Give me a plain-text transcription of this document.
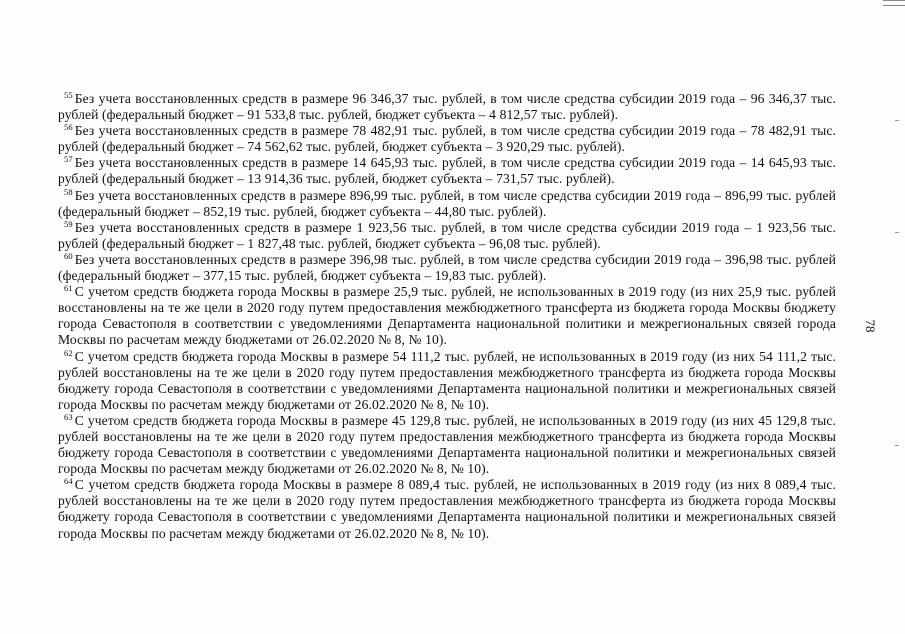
$^{55}$ Без учета восстановленных средств в размере 96 346,37 тыс. рублей, в том числе средства субсидии 2019 года – 96 346,37 тыс. рублей (федеральный бюджет – 91 533,8 тыс. рублей, бюджет субъекта – 4 812,57 тыс. рублей).

$^{56}$ Без учета восстановленных средств в размере 78 482,91 тыс. рублей, в том числе средства субсидии 2019 года – 78 482,91 тыс. рублей (федеральный бюджет – 74 562,62 тыс. рублей, бюджет субъекта – 3 920,29 тыс. рублей).

$^{57}$ Без учета восстановленных средств в размере 14 645,93 тыс. рублей, в том числе средства субсидии 2019 года – 14 645,93 тыс. рублей (федеральный бюджет – 13 914,36 тыс. рублей, бюджет субъекта – 731,57 тыс. рублей).

$^{58}$ Без учета восстановленных средств в размере 896,99 тыс. рублей, в том числе средства субсидии 2019 года – 896,99 тыс. рублей (федеральный бюджет – 852,19 тыс. рублей, бюджет субъекта – 44,80 тыс. рублей).

$^{59}$ Без учета восстановленных средств в размере 1 923,56 тыс. рублей, в том числе средства субсидии 2019 года – 1 923,56 тыс. рублей (федеральный бюджет – 1 827,48 тыс. рублей, бюджет субъекта – 96,08 тыс. рублей).

$^{60}$ Без учета восстановленных средств в размере 396,98 тыс. рублей, в том числе средства субсидии 2019 года – 396,98 тыс. рублей (федеральный бюджет – 377,15 тыс. рублей, бюджет субъекта – 19,83 тыс. рублей).

$^{61}$ С учетом средств бюджета города Москвы в размере 25,9 тыс. рублей, не использованных в 2019 году (из них 25,9 тыс. рублей восстановлены на те же цели в 2020 году путем предоставления межбюджетного трансферта из бюджета города Москвы бюджету города Севастополя в соответствии с уведомлениями Департамента национальной политики и межрегиональных связей города Москвы по расчетам между бюджетами от 26.02.2020 № 8, № 10).

$^{62}$ С учетом средств бюджета города Москвы в размере 54 111,2 тыс. рублей, не использованных в 2019 году (из них 54 111,2 тыс. рублей восстановлены на те же цели в 2020 году путем предоставления межбюджетного трансферта из бюджета города Москвы бюджету города Севастополя в соответствии с уведомлениями Департамента национальной политики и межрегиональных связей города Москвы по расчетам между бюджетами от 26.02.2020 № 8, № 10).

$^{63}$ С учетом средств бюджета города Москвы в размере 45 129,8 тыс. рублей, не использованных в 2019 году (из них 45 129,8 тыс. рублей восстановлены на те же цели в 2020 году путем предоставления межбюджетного трансферта из бюджета города Москвы бюджету города Севастополя в соответствии с уведомлениями Департамента национальной политики и межрегиональных связей города Москвы по расчетам между бюджетами от 26.02.2020 № 8, № 10).

$^{64}$ С учетом средств бюджета города Москвы в размере 8 089,4 тыс. рублей, не использованных в 2019 году (из них 8 089,4 тыс. рублей восстановлены на те же цели в 2020 году путем предоставления межбюджетного трансферта из бюджета города Москвы бюджету города Севастополя в соответствии с уведомлениями Департамента национальной политики и межрегиональных связей города Москвы по расчетам между бюджетами от 26.02.2020 № 8, № 10).

78
